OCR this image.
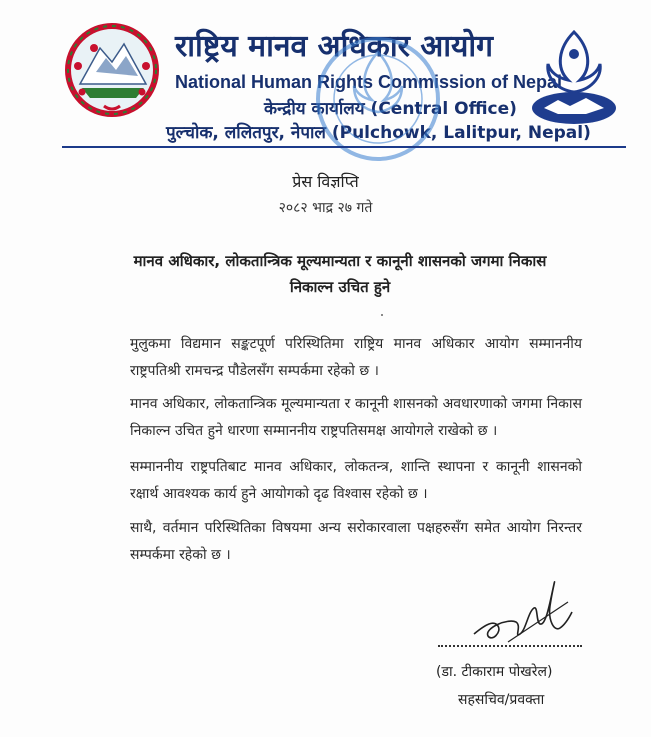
राष्ट्रिय मानव अधिकार आयोग
National Human Rights Commission of Nepal
केन्द्रीय कार्यालय (Central Office)
पुल्चोक, ललितपुर, नेपाल (Pulchowk, Lalitpur, Nepal)
प्रेस विज्ञप्ति
२०८२ भाद्र २७ गते
मानव अधिकार, लोकतान्त्रिक मूल्यमान्यता र कानूनी शासनको जगमा निकास
निकाल्न उचित हुने
मुलुकमा विद्यमान सङ्कटपूर्ण परिस्थितिमा राष्ट्रिय मानव अधिकार आयोग सम्माननीय राष्ट्रपतिश्री रामचन्द्र पौडेलसँग सम्पर्कमा रहेको छ ।
मानव अधिकार, लोकतान्त्रिक मूल्यमान्यता र कानूनी शासनको अवधारणाको जगमा निकास निकाल्न उचित हुने धारणा सम्माननीय राष्ट्रपतिसमक्ष आयोगले राखेको छ ।
सम्माननीय राष्ट्रपतिबाट मानव अधिकार, लोकतन्त्र, शान्ति स्थापना र कानूनी शासनको रक्षार्थ आवश्यक कार्य हुने आयोगको दृढ विश्वास रहेको छ ।
साथै, वर्तमान परिस्थितिका विषयमा अन्य सरोकारवाला पक्षहरुसँग समेत आयोग निरन्तर सम्पर्कमा रहेको छ ।
(डा. टीकाराम पोखरेल)
सहसचिव/प्रवक्ता
